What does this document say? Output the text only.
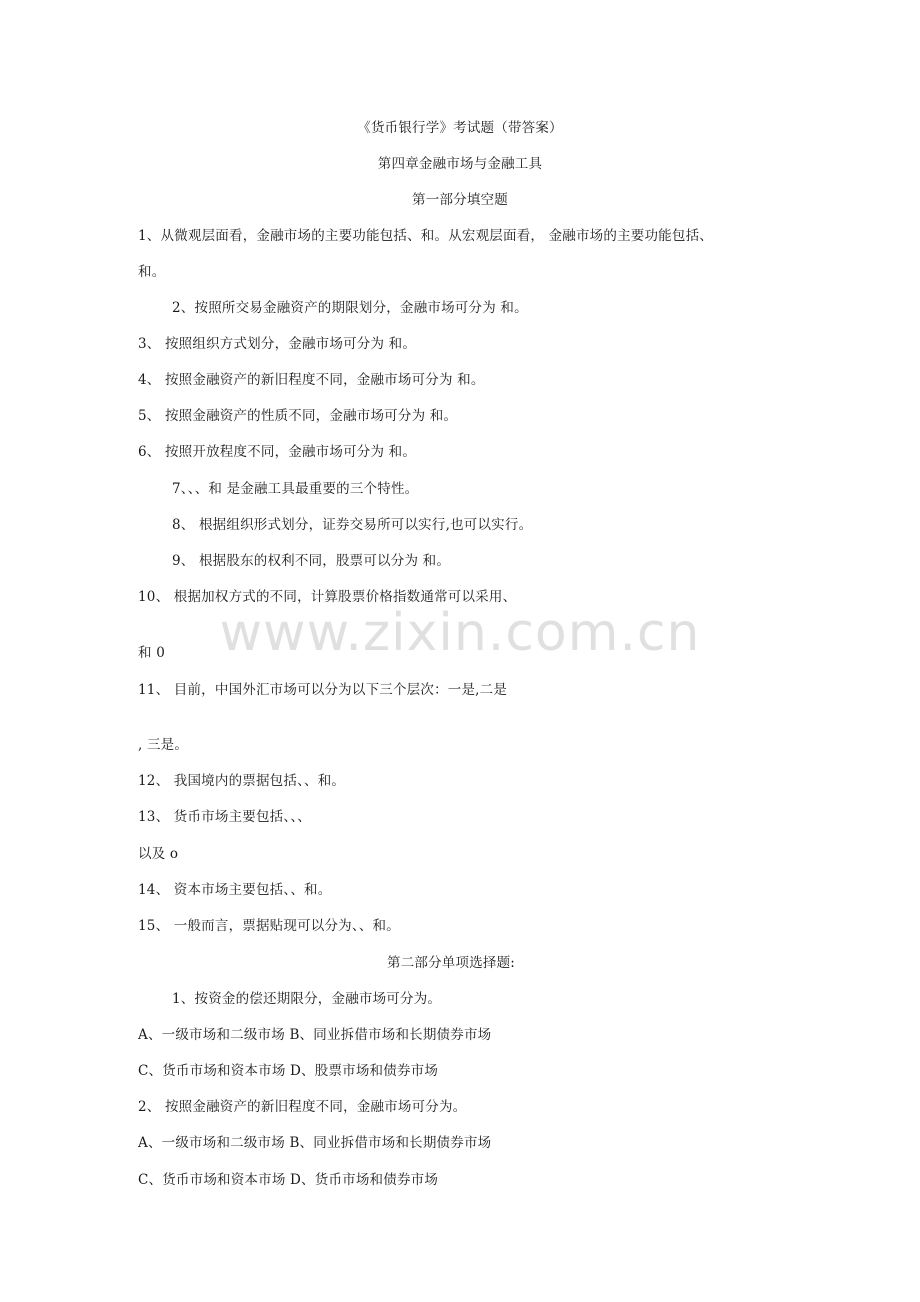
www.zixin.com.cn
《货币银行学》考试题（带答案）
第四章金融市场与金融工具
第一部分填空题
1、从微观层面看，金融市场的主要功能包括、和。从宏观层面看， 金融市场的主要功能包括、
和。
2、按照所交易金融资产的期限划分，金融市场可分为 和。
3、 按照组织方式划分，金融市场可分为 和。
4、 按照金融资产的新旧程度不同，金融市场可分为 和。
5、 按照金融资产的性质不同，金融市场可分为 和。
6、 按照开放程度不同，金融市场可分为 和。
7、、、和 是金融工具最重要的三个特性。
8、 根据组织形式划分，证券交易所可以实行,也可以实行。
9、 根据股东的权利不同，股票可以分为 和。
10、 根据加权方式的不同，计算股票价格指数通常可以采用、
和 0
11、 目前，中国外汇市场可以分为以下三个层次：一是,二是
, 三是。
12、 我国境内的票据包括、、和。
13、 货币市场主要包括、、、
以及 o
14、 资本市场主要包括、、和。
15、 一般而言，票据贴现可以分为、、和。
第二部分单项选择题:
1、按资金的偿还期限分，金融市场可分为。
A、一级市场和二级市场 B、同业拆借市场和长期债券市场
C、货币市场和资本市场 D、股票市场和债券市场
2、 按照金融资产的新旧程度不同，金融市场可分为。
A、一级市场和二级市场 B、同业拆借市场和长期债券市场
C、货币市场和资本市场 D、货币市场和债券市场
